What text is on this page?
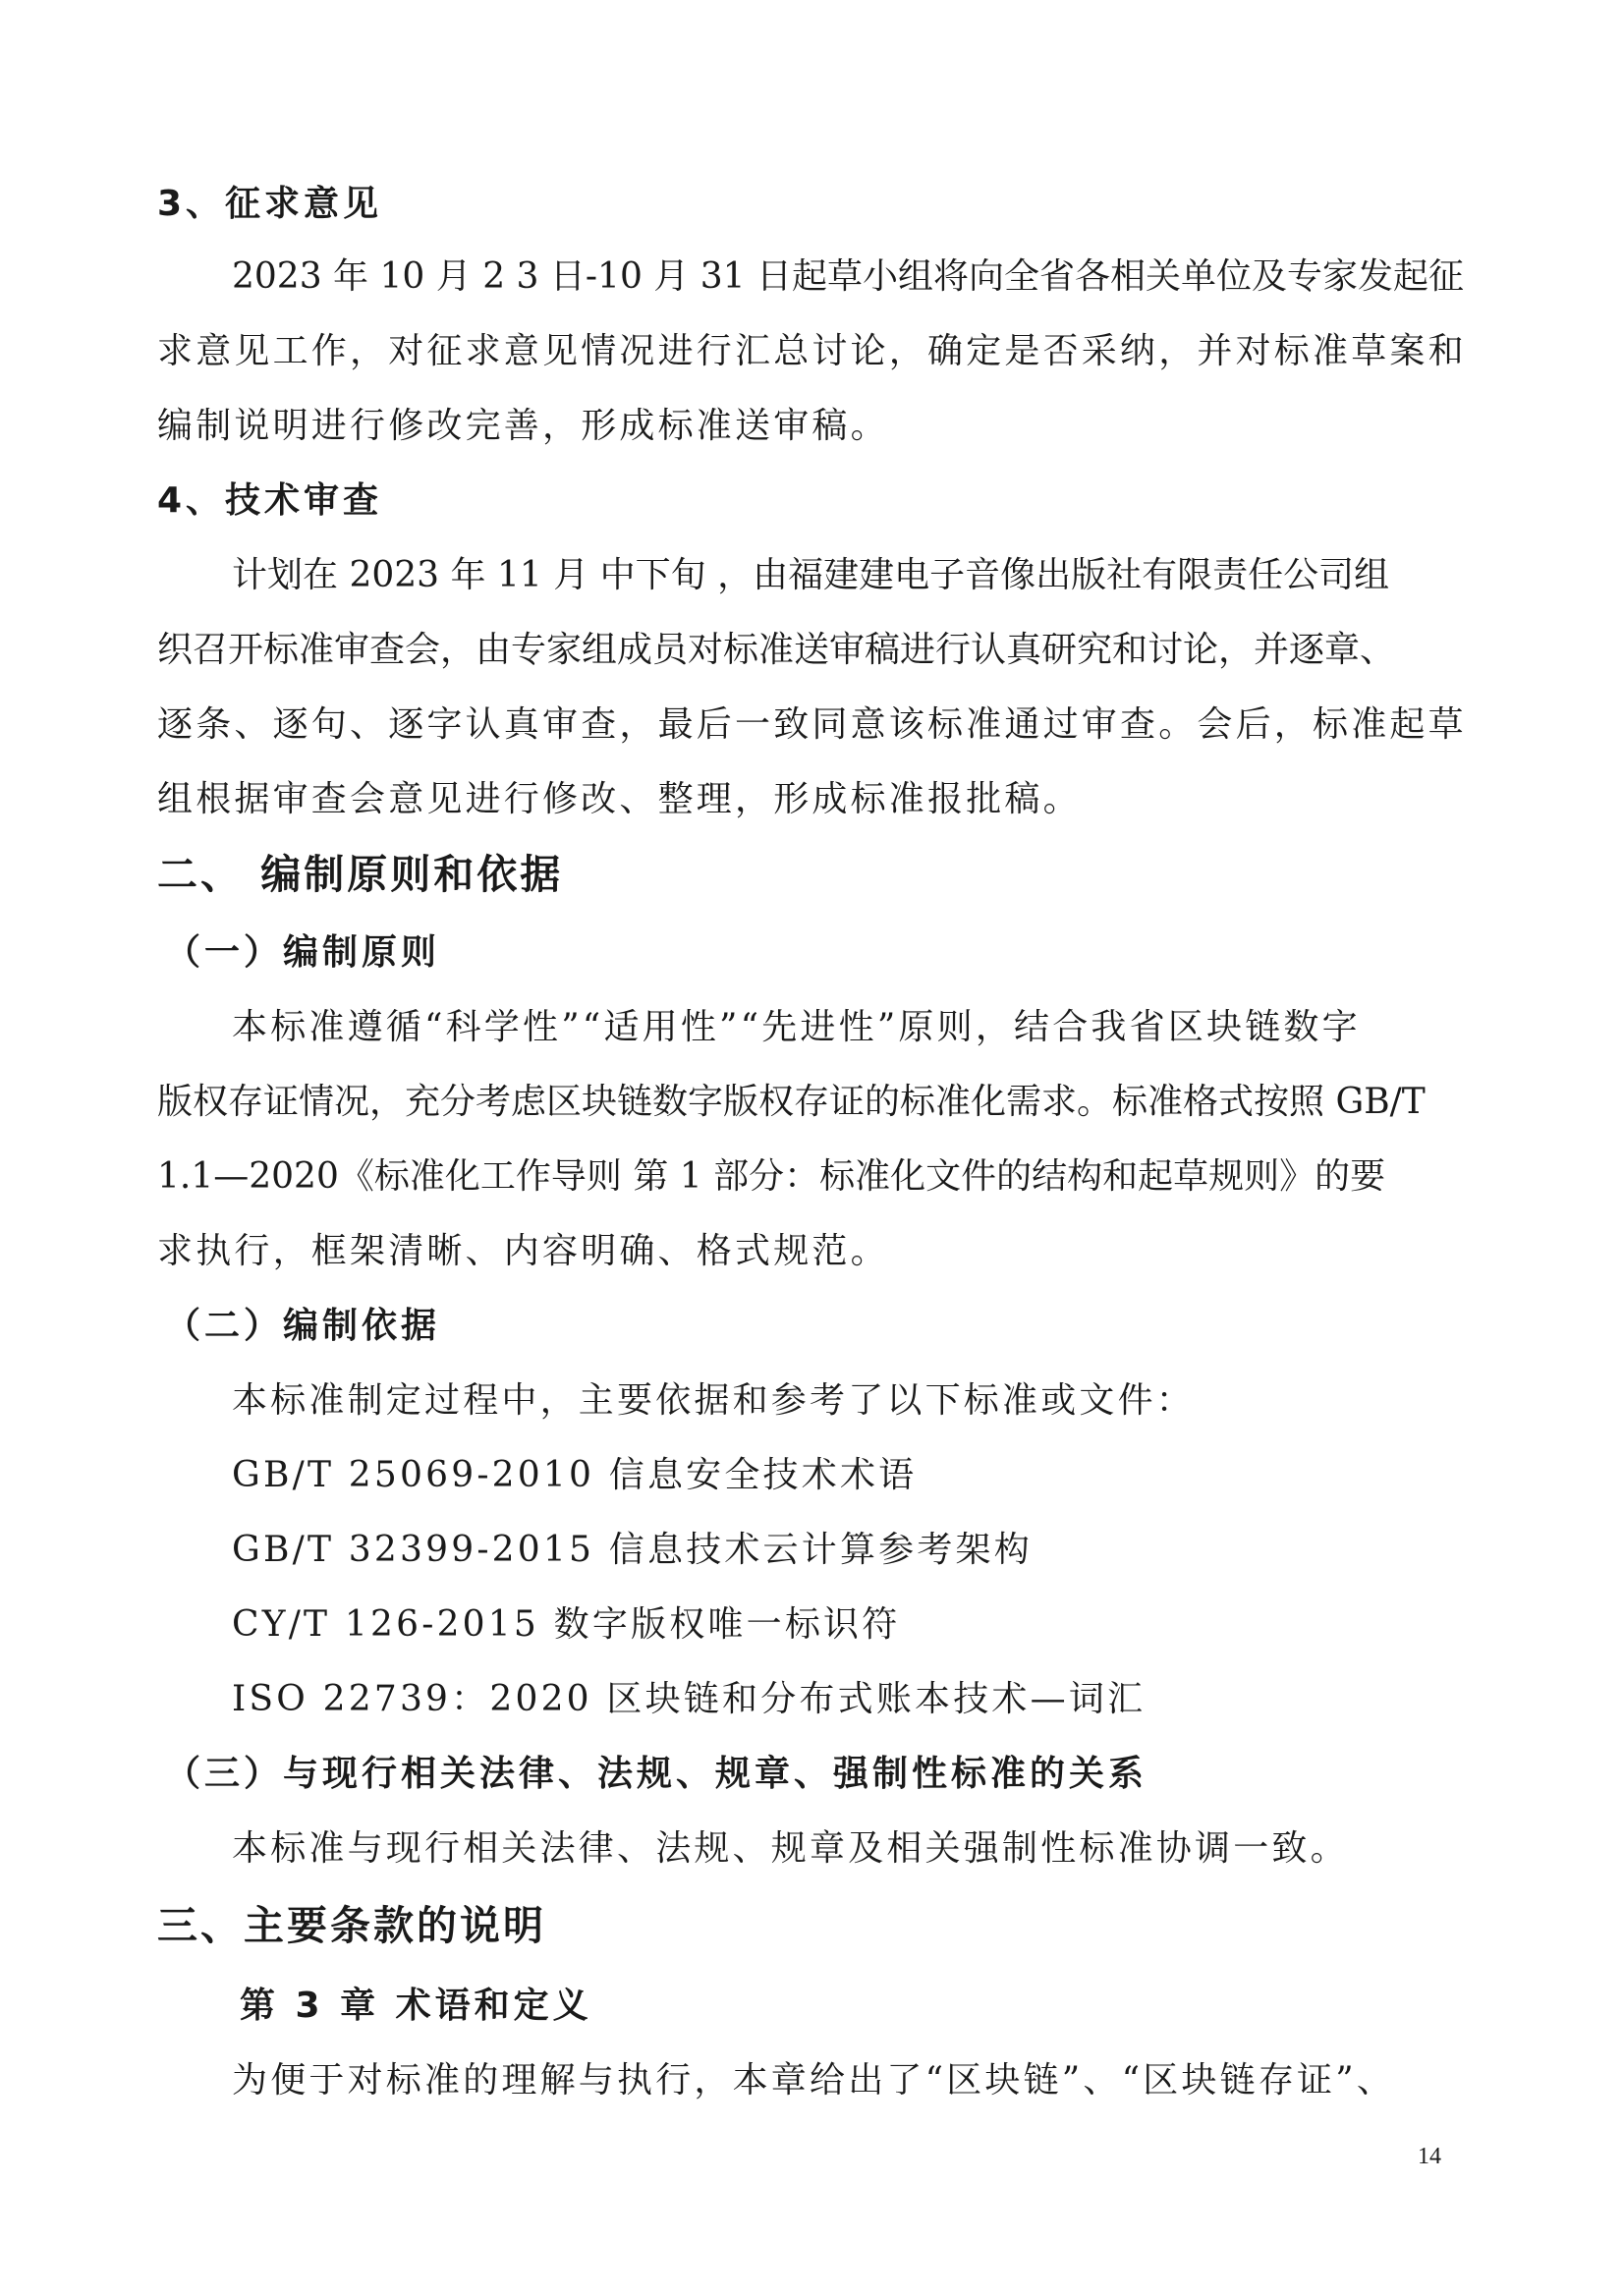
3、征求意见
2023 年 10 月 2 3 日-10 月 31 日起草小组将向全省各相关单位及专家发起征
求意见工作，对征求意见情况进行汇总讨论，确定是否采纳，并对标准草案和
编制说明进行修改完善，形成标准送审稿。
4、技术审查
计划在 2023 年 11 月 中下旬 ，由福建建电子音像出版社有限责任公司组
织召开标准审查会，由专家组成员对标准送审稿进行认真研究和讨论，并逐章、
逐条、逐句、逐字认真审查，最后一致同意该标准通过审查。会后，标准起草
组根据审查会意见进行修改、整理，形成标准报批稿。
二、 编制原则和依据
（一）编制原则
本标准遵循“科学性”“适用性”“先进性”原则，结合我省区块链数字
版权存证情况，充分考虑区块链数字版权存证的标准化需求。标准格式按照 GB/T
1.1—2020《标准化工作导则 第 1 部分：标准化文件的结构和起草规则》的要
求执行，框架清晰、内容明确、格式规范。
（二）编制依据
本标准制定过程中，主要依据和参考了以下标准或文件：
GB/T 25069-2010 信息安全技术术语
GB/T 32399-2015 信息技术云计算参考架构
CY/T 126-2015 数字版权唯一标识符
ISO 22739：2020 区块链和分布式账本技术—词汇
（三）与现行相关法律、法规、规章、强制性标准的关系
本标准与现行相关法律、法规、规章及相关强制性标准协调一致。
三、主要条款的说明
第 3 章 术语和定义
为便于对标准的理解与执行，本章给出了“区块链”、“区块链存证”、
14
